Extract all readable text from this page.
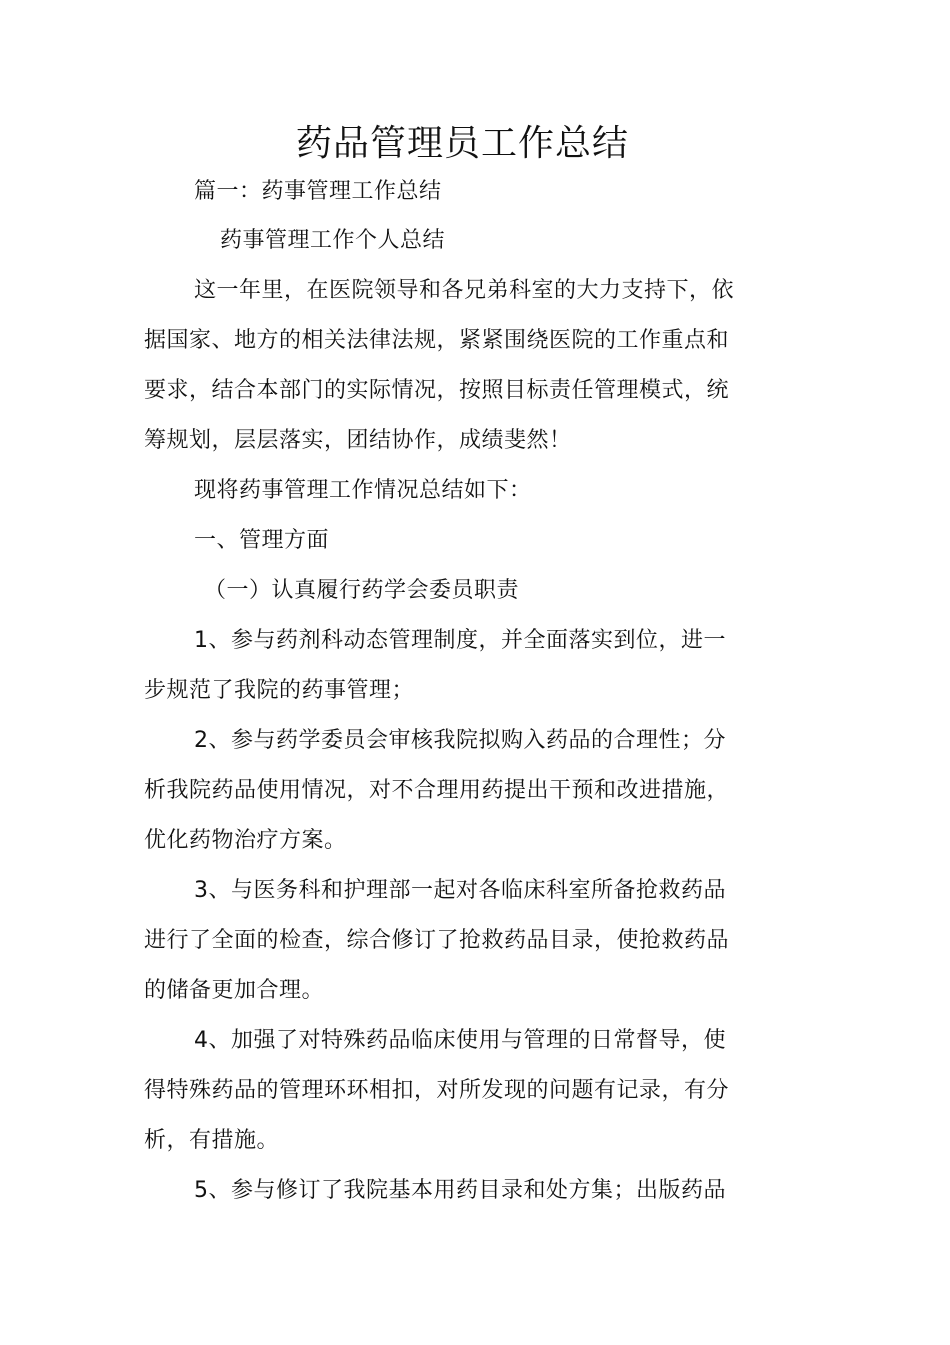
药品管理员工作总结
篇一：药事管理工作总结
药事管理工作个人总结
这一年里，在医院领导和各兄弟科室的大力支持下，依
据国家、地方的相关法律法规，紧紧围绕医院的工作重点和
要求，结合本部门的实际情况，按照目标责任管理模式，统
筹规划，层层落实，团结协作，成绩斐然！
现将药事管理工作情况总结如下：
一、管理方面
（一）认真履行药学会委员职责
1、参与药剂科动态管理制度，并全面落实到位，进一
步规范了我院的药事管理；
2、参与药学委员会审核我院拟购入药品的合理性；分
析我院药品使用情况，对不合理用药提出干预和改进措施，
优化药物治疗方案。
3、与医务科和护理部一起对各临床科室所备抢救药品
进行了全面的检查，综合修订了抢救药品目录，使抢救药品
的储备更加合理。
4、加强了对特殊药品临床使用与管理的日常督导，使
得特殊药品的管理环环相扣，对所发现的问题有记录，有分
析，有措施。
5、参与修订了我院基本用药目录和处方集；出版药品
